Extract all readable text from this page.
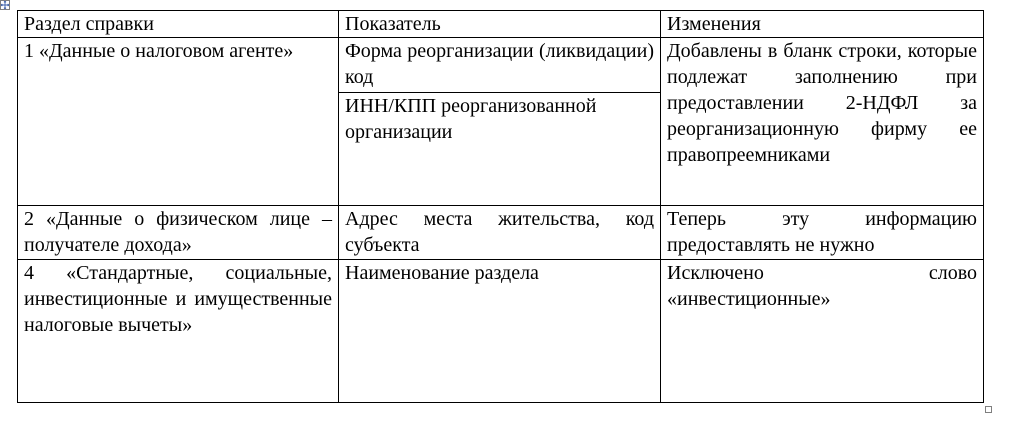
Раздел справки	Показатель	Изменения
1 «Данные о налоговом агенте»	Форма реорганизации (ликвидации) код	Добавлены в бланк строки, которые подлежат заполнению при предоставлении 2-НДФЛ за реорганизационную фирму ее правопреемниками
	ИНН/КПП реорганизованной организации	
2 «Данные о физическом лице – получателе дохода»	Адрес места жительства, код субъекта	Теперь эту информацию предоставлять не нужно
4 «Стандартные, социальные, инвестиционные и имущественные налоговые вычеты»	Наименование раздела	Исключено слово «инвестиционные»
